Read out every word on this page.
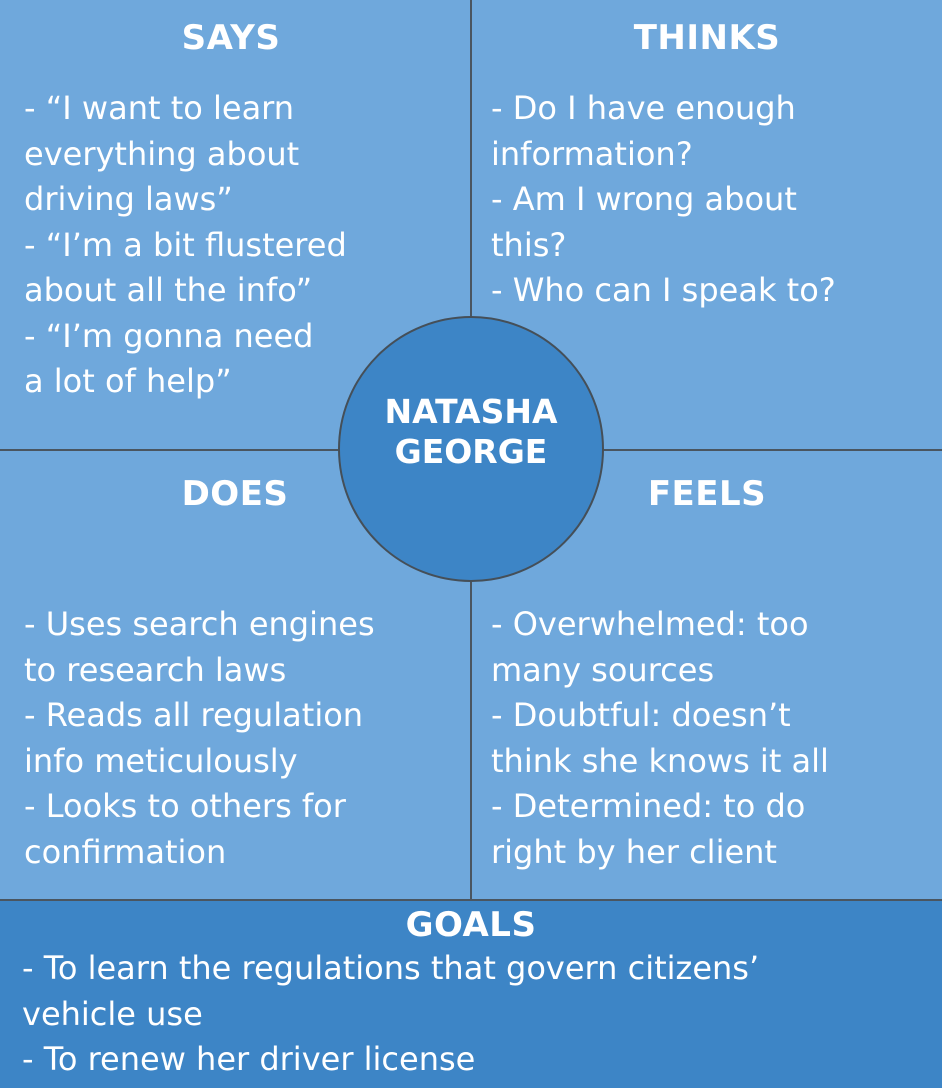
SAYS
- “I want to learn
everything about
driving laws”
- “I’m a bit flustered
about all the info”
- “I’m gonna need
a lot of help”
THINKS
- Do I have enough
information?
- Am I wrong about
this?
- Who can I speak to?
DOES
- Uses search engines
to research laws
- Reads all regulation
info meticulously
- Looks to others for
confirmation
FEELS
- Overwhelmed: too
many sources
- Doubtful: doesn’t
think she knows it all
- Determined: to do
right by her client
NATASHA
GEORGE
GOALS
- To learn the regulations that govern citizens’
vehicle use
- To renew her driver license
